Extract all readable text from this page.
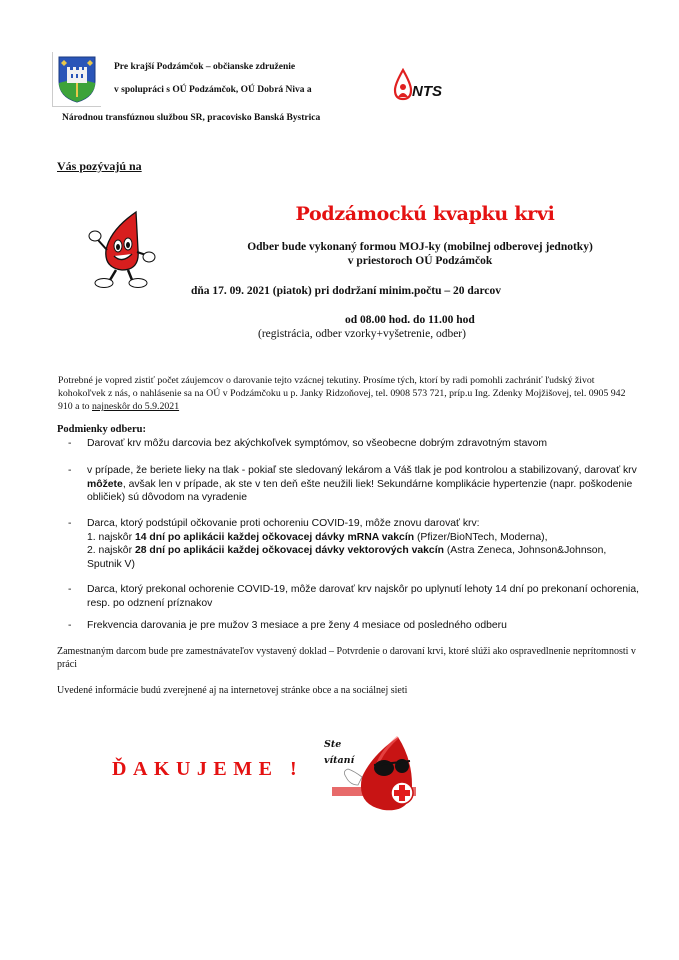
Pre krajší Podzámčok – občianske združenie
v spolupráci s OÚ Podzámčok, OÚ Dobrá Niva a
Národnou transfúznou službou SR, pracovisko Banská Bystrica
NTS
Vás pozývajú na
Podzámockú kvapku krvi
Odber bude vykonaný formou MOJ-ky (mobilnej odberovej jednotky)
v priestoroch OÚ Podzámčok
dňa 17. 09. 2021 (piatok) pri dodržaní minim.počtu – 20 darcov
od 08.00 hod. do 11.00 hod
(registrácia, odber vzorky+vyšetrenie, odber)
Potrebné je vopred zistiť počet záujemcov o darovanie tejto vzácnej tekutiny. Prosíme tých, ktorí by radi pomohli zachrániť ľudský život kohokoľvek z nás, o nahlásenie sa na OÚ v Podzámčoku u p. Janky Ridzoňovej, tel. 0908 573 721, príp.u Ing. Zdenky Mojžišovej, tel. 0905 942 910 a to najneskôr do 5.9.2021
Podmienky odberu:
-	Darovať krv môžu darcovia bez akýchkoľvek symptómov, so všeobecne dobrým zdravotným stavom
-	v prípade, že beriete lieky na tlak - pokiaľ ste sledovaný lekárom a Váš tlak je pod kontrolou a stabilizovaný, darovať krv môžete, avšak len v prípade, ak ste v ten deň ešte neužili liek! Sekundárne komplikácie hypertenzie (napr. poškodenie obličiek) sú dôvodom na vyradenie
-	Darca, ktorý podstúpil očkovanie proti ochoreniu COVID-19, môže znovu darovať krv:
1. najskôr 14 dní po aplikácii každej očkovacej dávky mRNA vakcín (Pfizer/BioNTech, Moderna),
2. najskôr 28 dní po aplikácii každej očkovacej dávky vektorových vakcín (Astra Zeneca, Johnson&Johnson, Sputnik V)
-	Darca, ktorý prekonal ochorenie COVID-19, môže darovať krv najskôr po uplynutí lehoty 14 dní po prekonaní ochorenia, resp. po odznení príznakov
-	Frekvencia darovania je pre mužov 3 mesiace a pre ženy 4 mesiace od posledného odberu
Zamestnaným darcom bude pre zamestnávateľov vystavený doklad – Potvrdenie o darovaní krvi, ktoré slúži ako ospravedlnenie neprítomnosti v práci
Uvedené informácie budú zverejnené aj na internetovej stránke obce a na sociálnej sieti
ĎAKUJEME !
Ste
vítaní
